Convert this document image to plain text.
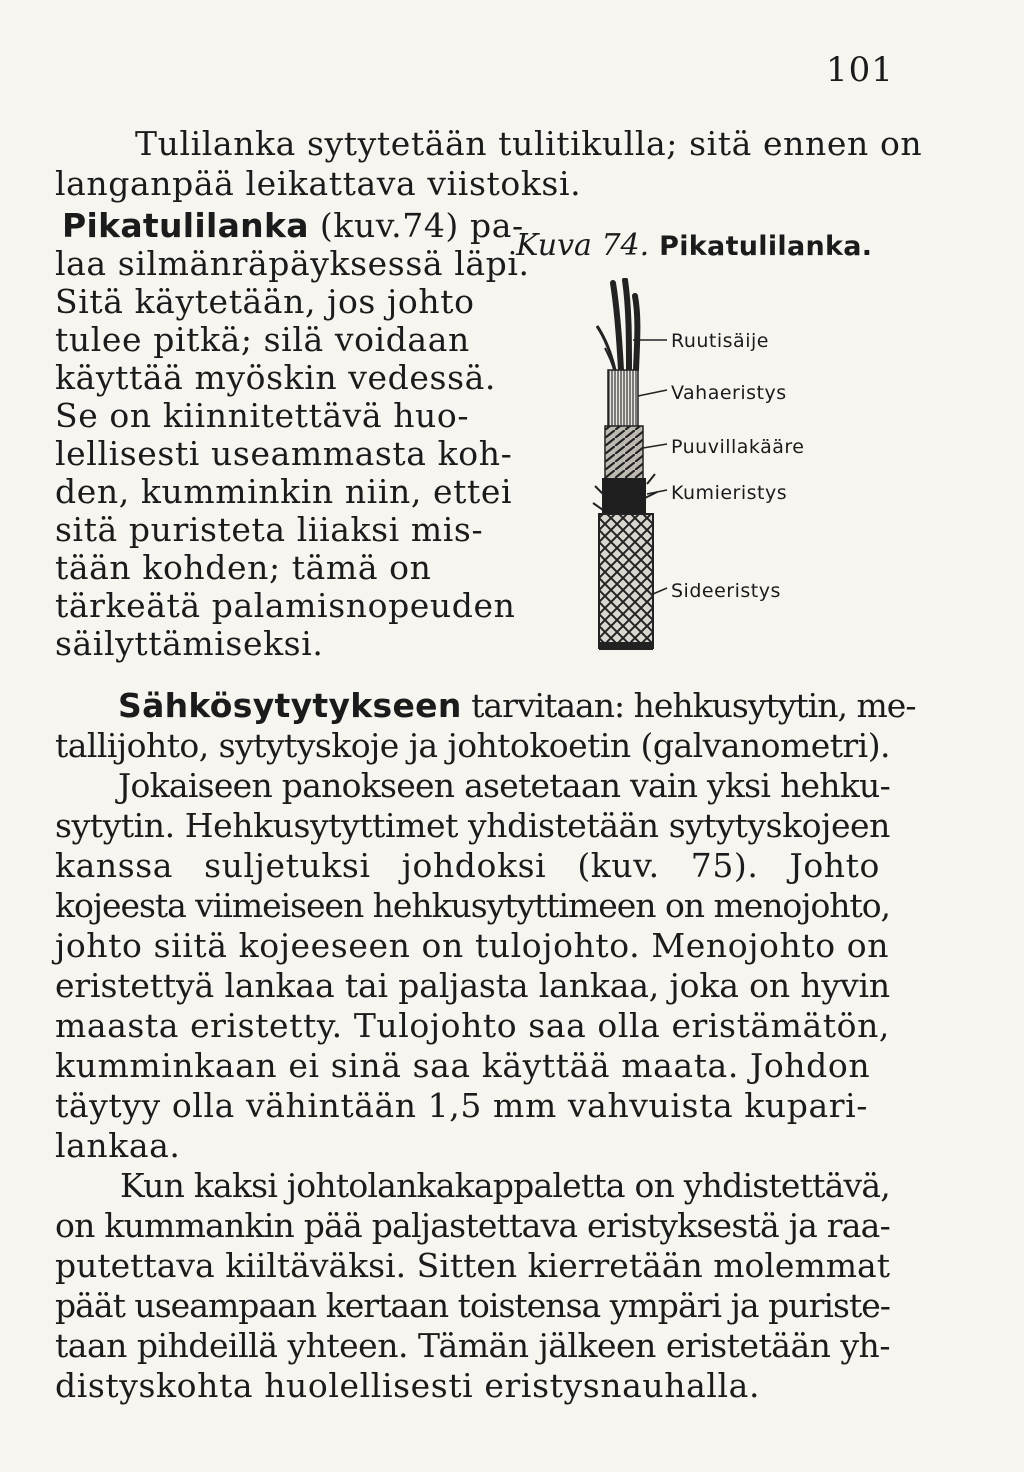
101
Tulilanka sytytetään tulitikulla; sitä ennen on
langanpää leikattava viistoksi.
Pikatulilanka (kuv.74) pa-
laa silmänräpäyksessä läpi.
Sitä käytetään, jos johto
tulee pitkä; silä voidaan
käyttää myöskin vedessä.
Se on kiinnitettävä huo-
lellisesti useammasta koh-
den, kumminkin niin, ettei
sitä puristeta liiaksi mis-
tään kohden; tämä on
tärkeätä palamisnopeuden
säilyttämiseksi.
Kuva 74. Pikatulilanka.
Ruutisäije
Vahaeristys
Puuvillakääre
Kumieristys
Sideeristys
Sähkösytytykseen tarvitaan: hehkusytytin, me-
tallijohto, sytytyskoje ja johtokoetin (galvanometri).
Jokaiseen panokseen asetetaan vain yksi hehku-
sytytin. Hehkusytyttimet yhdistetään sytytyskojeen
kanssa suljetuksi johdoksi (kuv. 75). Johto
kojeesta viimeiseen hehkusytyttimeen on menojohto,
johto siitä kojeeseen on tulojohto. Menojohto on
eristettyä lankaa tai paljasta lankaa, joka on hyvin
maasta eristetty. Tulojohto saa olla eristämätön,
kumminkaan ei sinä saa käyttää maata. Johdon
täytyy olla vähintään 1,5 mm vahvuista kupari-
lankaa.
Kun kaksi johtolankakappaletta on yhdistettävä,
on kummankin pää paljastettava eristyksestä ja raa-
putettava kiiltäväksi. Sitten kierretään molemmat
päät useampaan kertaan toistensa ympäri ja puriste-
taan pihdeillä yhteen. Tämän jälkeen eristetään yh-
distyskohta huolellisesti eristysnauhalla.
